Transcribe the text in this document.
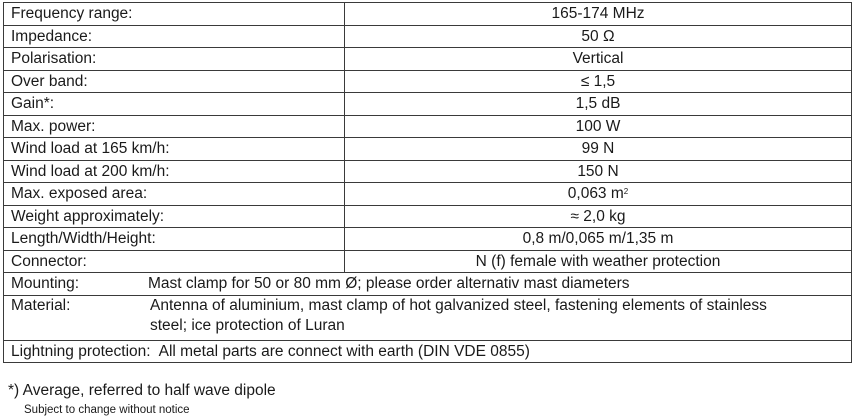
Frequency range:	165-174 MHz
Impedance:	50 Ω
Polarisation:	Vertical
Over band:	≤ 1,5
Gain*:	1,5 dB
Max. power:	100 W
Wind load at 165 km/h:	99 N
Wind load at 200 km/h:	150 N
Max. exposed area:	0,063 $m^2$
Weight approximately:	≈ 2,0 kg
Length/Width/Height:	0,8 m/0,065 m/1,35 m
Connector:	N (f) female with weather protection

Mounting: Mast clamp for 50 or 80 mm Ø; please order alternativ mast diameters	

Material: Antenna of aluminium, mast clamp of hot galvanized steel, fastening elements of stainless steel; ice protection of Luran	

Lightning protection: All metal parts are connect with earth (DIN VDE 0855)	
*) Average, referred to half wave dipole
Subject to change without notice
